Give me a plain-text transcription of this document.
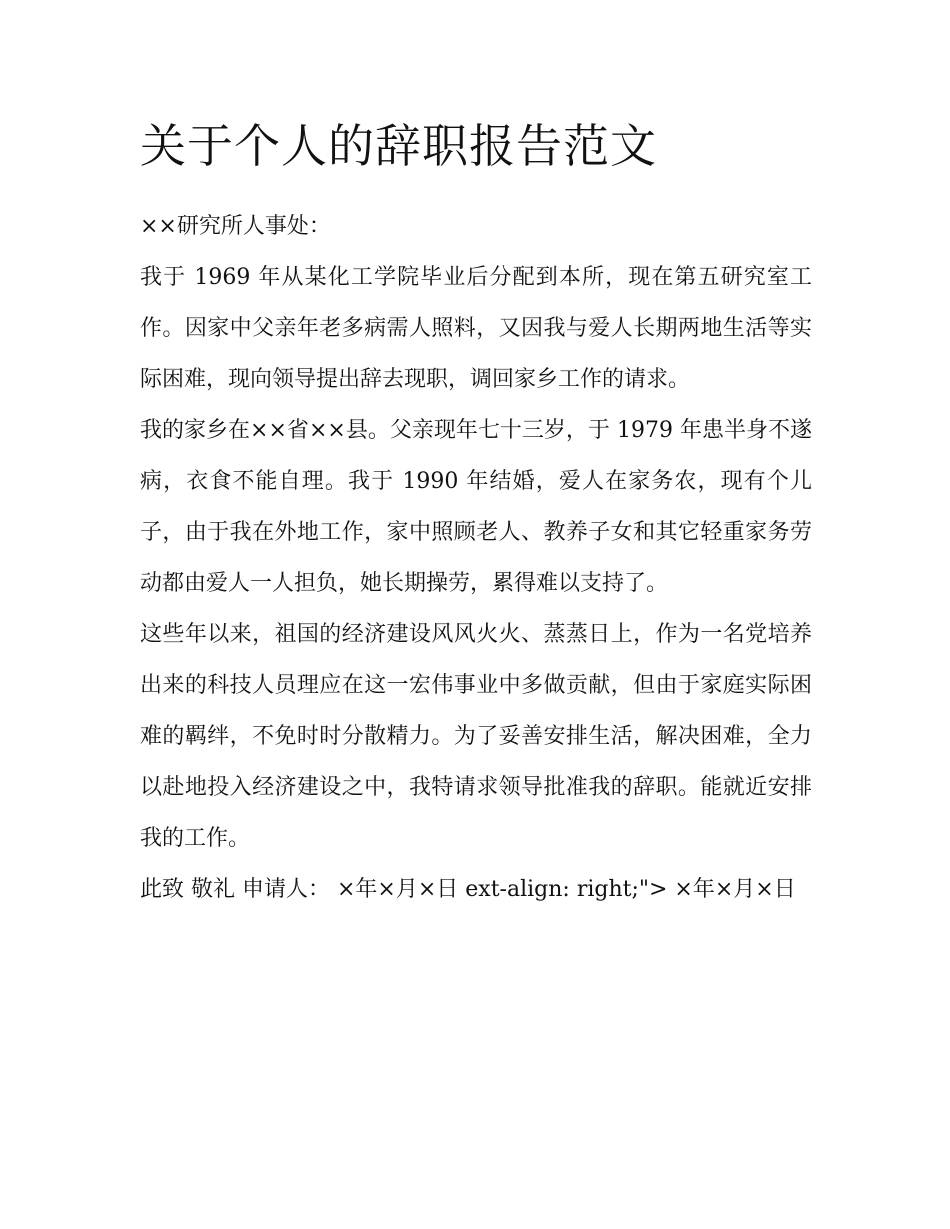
关于个人的辞职报告范文

××研究所人事处：

我于 1969 年从某化工学院毕业后分配到本所，现在第五研究室工作。因家中父亲年老多病需人照料，又因我与爱人长期两地生活等实际困难，现向领导提出辞去现职，调回家乡工作的请求。

我的家乡在××省××县。父亲现年七十三岁，于 1979 年患半身不遂病，衣食不能自理。我于 1990 年结婚，爱人在家务农，现有个儿子，由于我在外地工作，家中照顾老人、教养子女和其它轻重家务劳动都由爱人一人担负，她长期操劳，累得难以支持了。

这些年以来，祖国的经济建设风风火火、蒸蒸日上，作为一名党培养出来的科技人员理应在这一宏伟事业中多做贡献，但由于家庭实际困难的羁绊，不免时时分散精力。为了妥善安排生活，解决困难，全力以赴地投入经济建设之中，我特请求领导批准我的辞职。能就近安排我的工作。

此致 敬礼 申请人： ×年×月×日 ext-align: right;"> ×年×月×日
